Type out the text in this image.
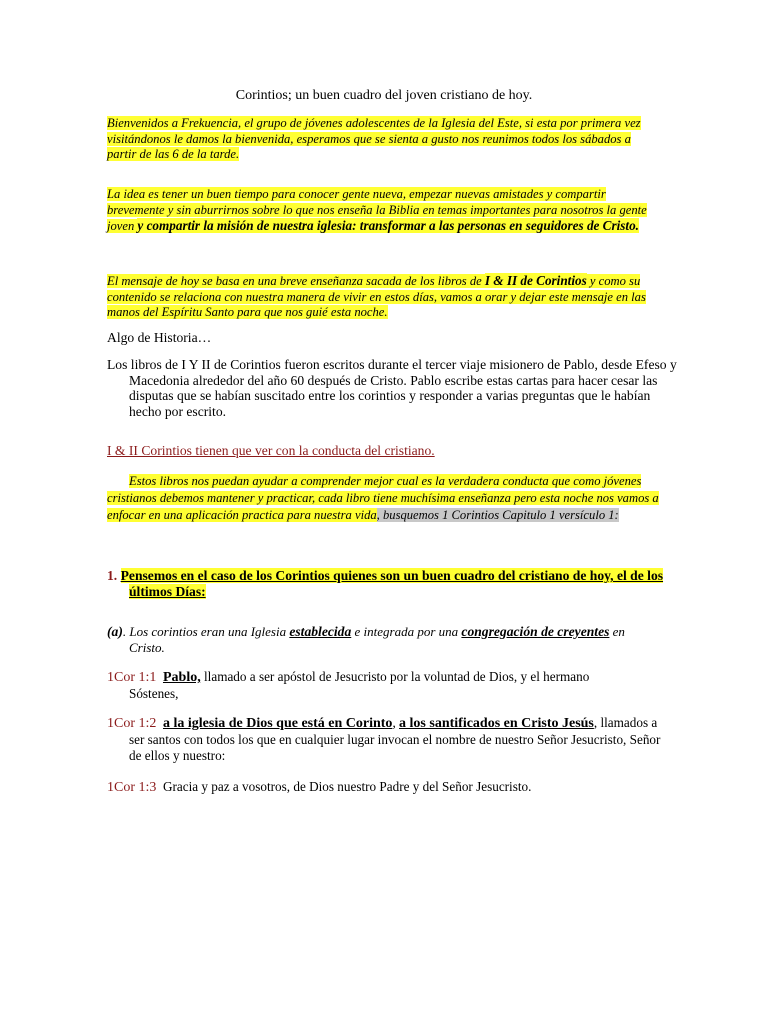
Corintios; un buen cuadro del joven cristiano de hoy.
Bienvenidos a Frekuencia, el grupo de jóvenes adolescentes de la Iglesia del Este, si esta por primera vez visitándonos le damos la bienvenida, esperamos que se sienta a gusto nos reunimos todos los sábados a partir de las 6 de la tarde.
La idea es tener un buen tiempo para conocer gente nueva, empezar nuevas amistades y compartir brevemente y sin aburrirnos sobre lo que nos enseña la Biblia en temas importantes para nosotros la gente joven y compartir la misión de nuestra iglesia: transformar a las personas en seguidores de Cristo.
El mensaje de hoy se basa en una breve enseñanza sacada de los libros de I & II de Corintios y como su contenido se relaciona con nuestra manera de vivir en estos días, vamos a orar y dejar este mensaje en las manos del Espíritu Santo para que nos guié esta noche.
Algo de Historia…
Los libros de I Y II de Corintios fueron escritos durante el tercer viaje misionero de Pablo, desde Efeso y Macedonia alrededor del año 60 después de Cristo. Pablo escribe estas cartas para hacer cesar las disputas que se habían suscitado entre los corintios y responder a varias preguntas que le habían hecho por escrito.
I & II Corintios tienen que ver con la conducta del cristiano.
Estos libros nos puedan ayudar a comprender mejor cual es la verdadera conducta que como jóvenes cristianos debemos mantener y practicar, cada libro tiene muchísima enseñanza pero esta noche nos vamos a enfocar en una aplicación practica para nuestra vida, busquemos 1 Corintios Capitulo 1 versículo 1:
1. Pensemos en el caso de los Corintios quienes son un buen cuadro del cristiano de hoy, el de los últimos Días:
(a). Los corintios eran una Iglesia establecida e integrada por una congregación de creyentes en Cristo.
1Cor 1:1 Pablo, llamado a ser apóstol de Jesucristo por la voluntad de Dios, y el hermano Sóstenes,
1Cor 1:2 a la iglesia de Dios que está en Corinto, a los santificados en Cristo Jesús, llamados a ser santos con todos los que en cualquier lugar invocan el nombre de nuestro Señor Jesucristo, Señor de ellos y nuestro:
1Cor 1:3 Gracia y paz a vosotros, de Dios nuestro Padre y del Señor Jesucristo.
